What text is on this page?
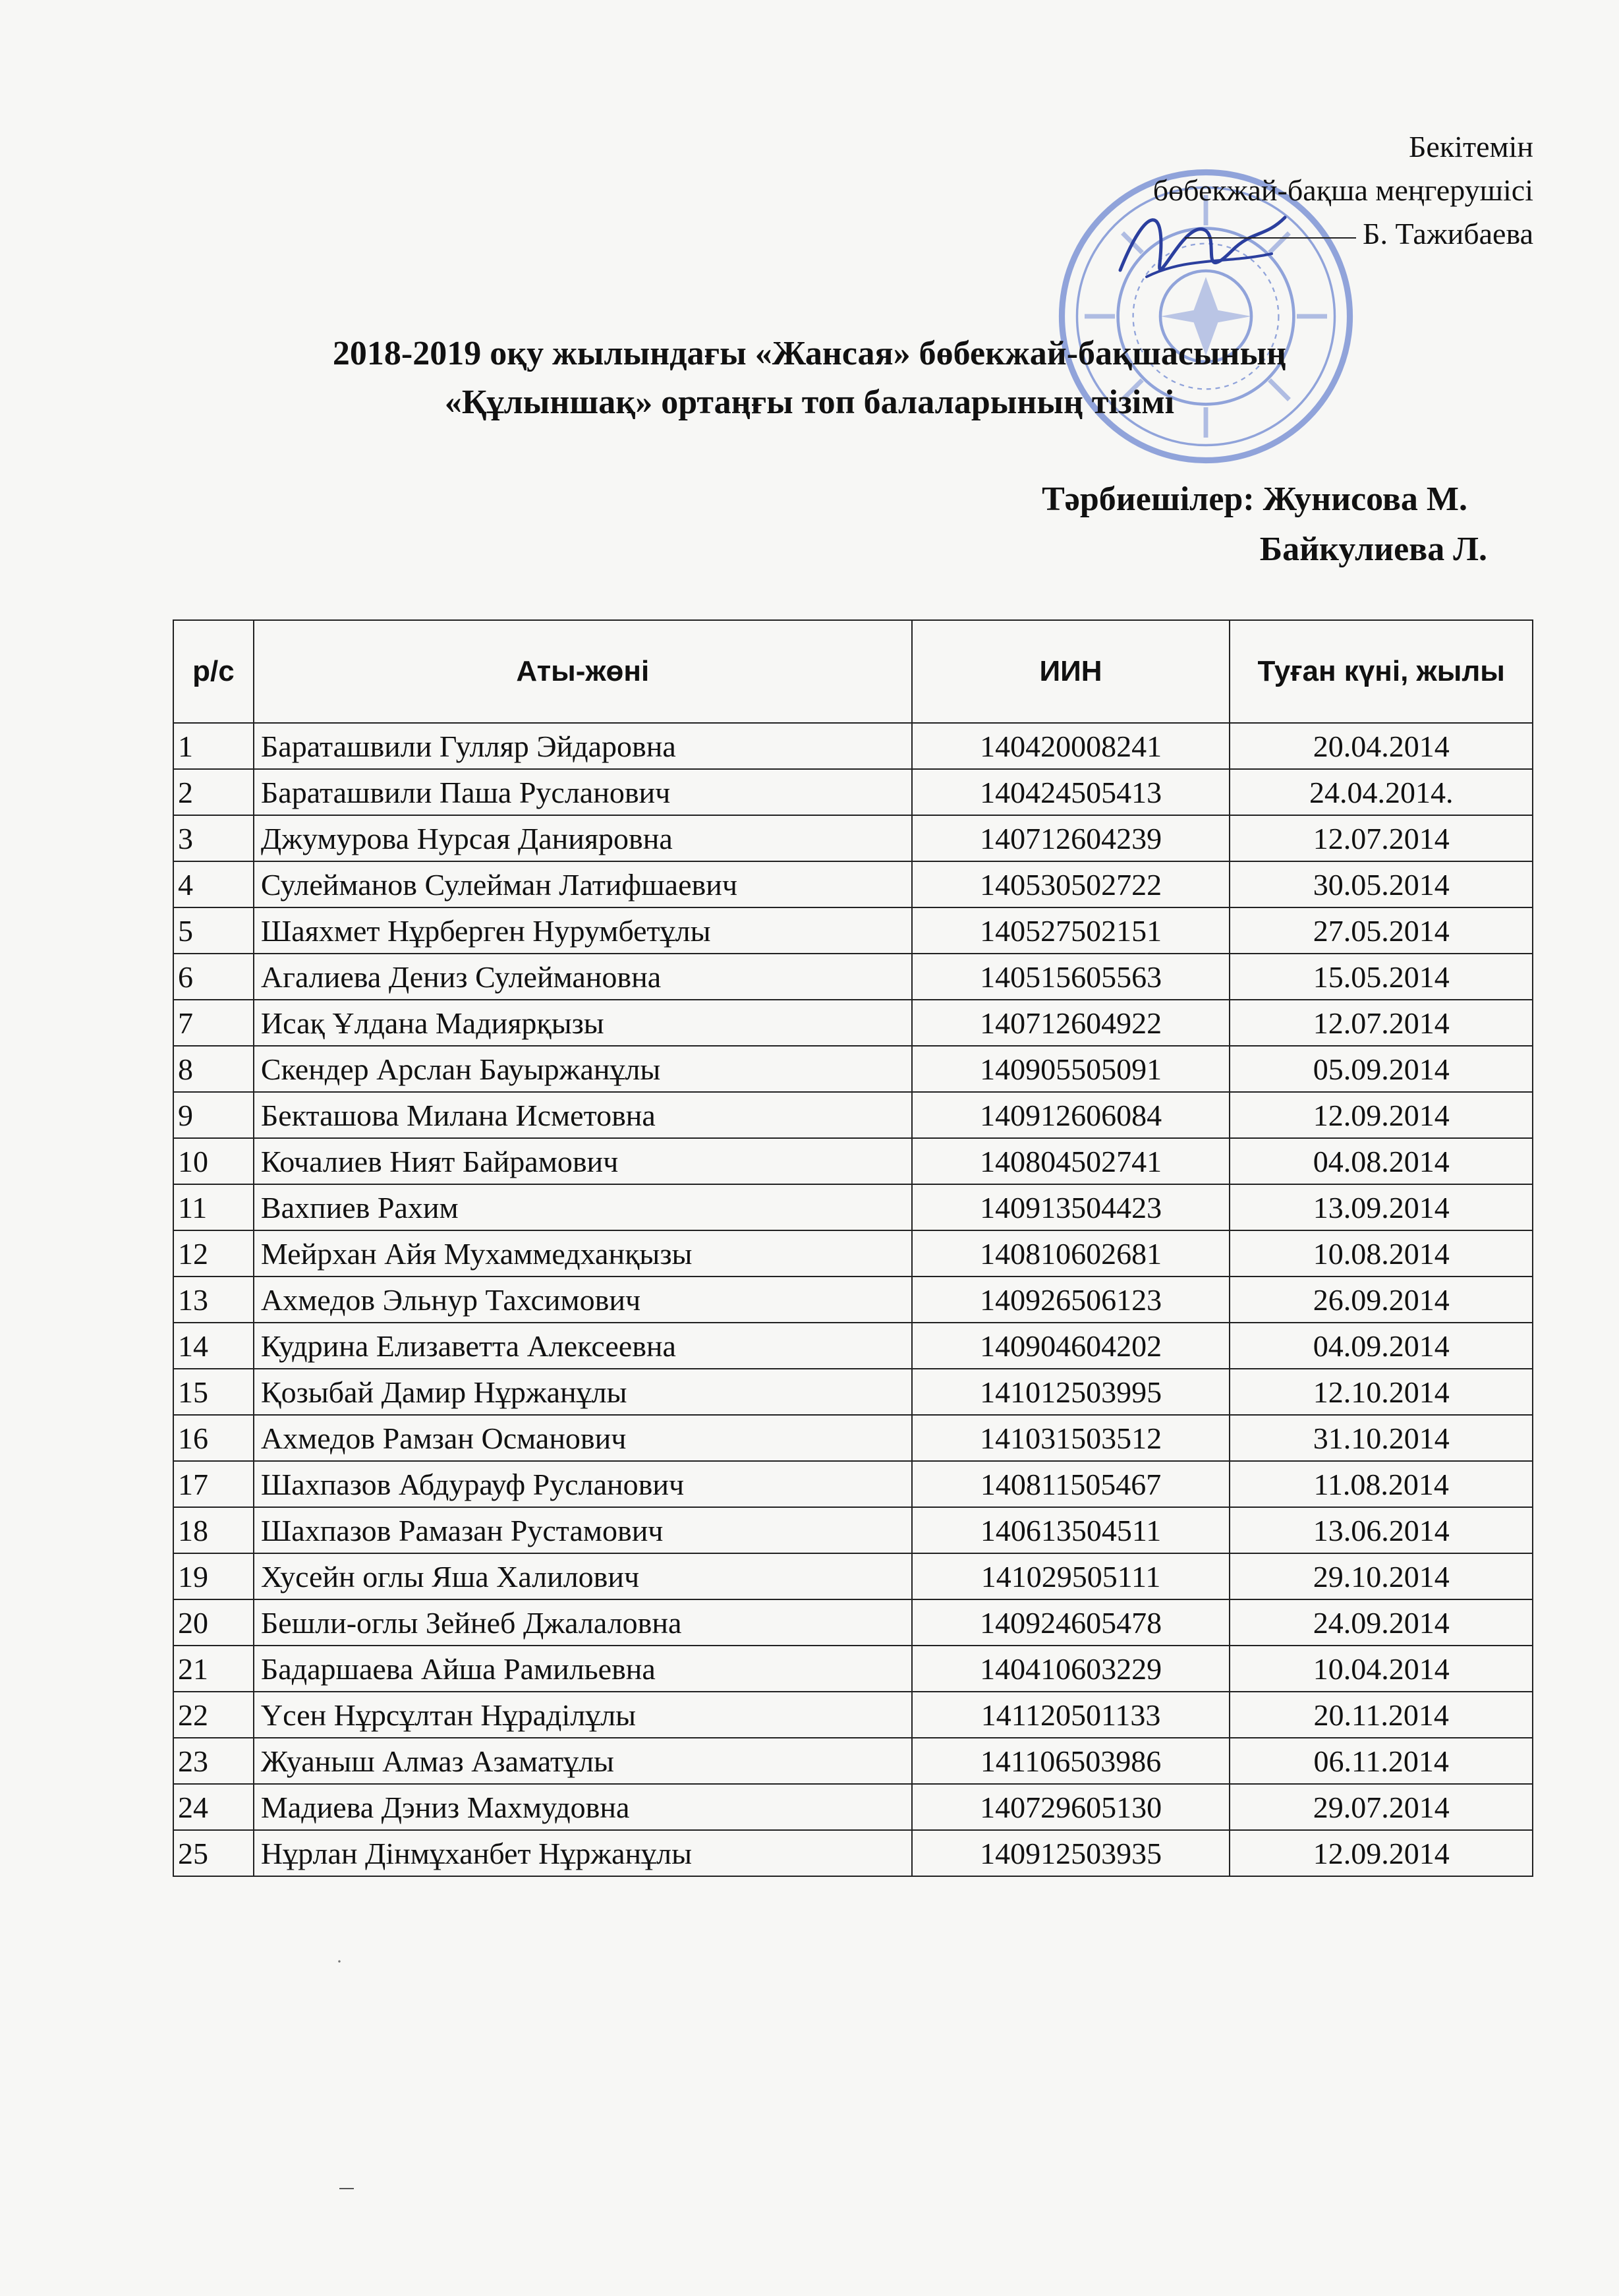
Бекітемін
бөбекжай-бақша меңгерушісі
Б. Тажибаева
2018-2019 оқу жылындағы «Жансая» бөбекжай-бақшасының
«Құлыншақ» ортаңғы топ балаларының тізімі
Тәрбиешілер: Жунисова М.
Байкулиева Л.
р/с	Аты-жөні	ИИН	Туған күні, жылы
1	Бараташвили Гулляр Эйдаровна	140420008241	20.04.2014
2	Бараташвили Паша Русланович	140424505413	24.04.2014.
3	Джумурова Нурсая Данияровна	140712604239	12.07.2014
4	Сулейманов Сулейман Латифшаевич	140530502722	30.05.2014
5	Шаяхмет Нұрберген Нурумбетұлы	140527502151	27.05.2014
6	Агалиева Дениз Сулеймановна	140515605563	15.05.2014
7	Исақ Ұлдана Мадиярқызы	140712604922	12.07.2014
8	Скендер Арслан Бауыржанұлы	140905505091	05.09.2014
9	Бекташова Милана Исметовна	140912606084	12.09.2014
10	Кочалиев Ният Байрамович	140804502741	04.08.2014
11	Вахпиев Рахим	140913504423	13.09.2014
12	Мейрхан Айя Мухаммедханқызы	140810602681	10.08.2014
13	Ахмедов Эльнур Тахсимович	140926506123	26.09.2014
14	Кудрина Елизаветта Алексеевна	140904604202	04.09.2014
15	Қозыбай Дамир Нұржанұлы	141012503995	12.10.2014
16	Ахмедов Рамзан Османович	141031503512	31.10.2014
17	Шахпазов Абдурауф Русланович	140811505467	11.08.2014
18	Шахпазов Рамазан Рустамович	140613504511	13.06.2014
19	Хусейн оглы Яша Халилович	141029505111	29.10.2014
20	Бешли-оглы Зейнеб Джалаловна	140924605478	24.09.2014
21	Бадаршаева Айша Рамильевна	140410603229	10.04.2014
22	Үсен Нұрсұлтан Нұраділұлы	141120501133	20.11.2014
23	Жуаныш Алмаз Азаматұлы	141106503986	06.11.2014
24	Мадиева Дэниз Махмудовна	140729605130	29.07.2014
25	Нұрлан Дінмұханбет Нұржанұлы	140912503935	12.09.2014
·
